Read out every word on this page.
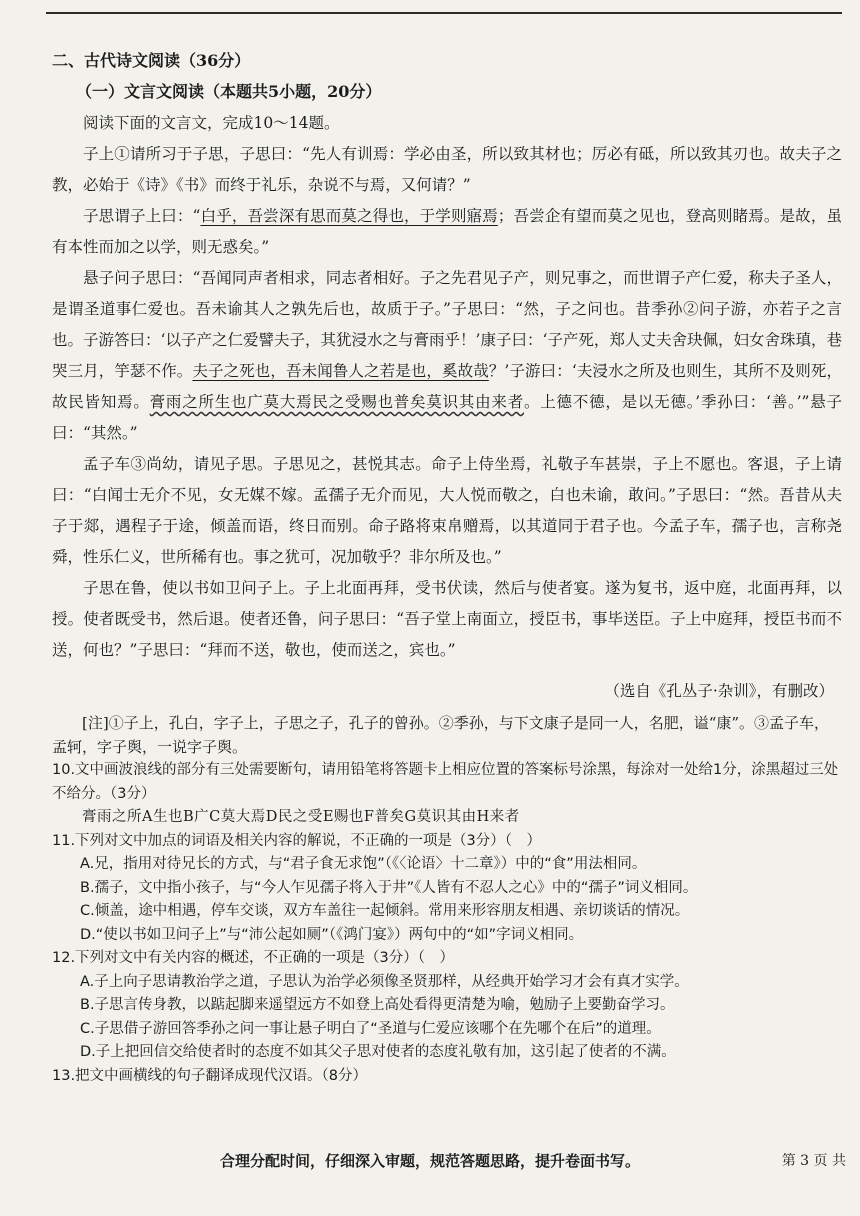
二、古代诗文阅读（36分）
（一）文言文阅读（本题共5小题，20分）

阅读下面的文言文，完成10～14题。

子上①请所习于子思，子思曰：“先人有训焉：学必由圣，所以致其材也；厉必有砥，所以致其刃也。故夫子之教，必始于《诗》《书》而终于礼乐，杂说不与焉，又何请？”

子思谓子上曰：“白乎，吾尝深有思而莫之得也，于学则寤焉；吾尝企有望而莫之见也，登高则睹焉。是故，虽有本性而加之以学，则无惑矣。”

悬子问子思曰：“吾闻同声者相求，同志者相好。子之先君见子产，则兄事之，而世谓子产仁爱，称夫子圣人，是谓圣道事仁爱也。吾未谕其人之孰先后也，故质于子。”子思曰：“然，子之问也。昔季孙②问子游，亦若子之言也。子游答曰：‘以子产之仁爱譬夫子，其犹浸水之与膏雨乎！’康子曰：‘子产死，郑人丈夫舍玦佩，妇女舍珠瑱，巷哭三月，竽瑟不作。夫子之死也，吾未闻鲁人之若是也，奚故哉？’子游曰：‘夫浸水之所及也则生，其所不及则死，故民皆知焉。膏雨之所生也广莫大焉民之受赐也普矣莫识其由来者。上德不德，是以无德。’季孙曰：‘善。’”悬子曰：“其然。”

孟子车③尚幼，请见子思。子思见之，甚悦其志。命子上侍坐焉，礼敬子车甚崇，子上不愿也。客退，子上请曰：“白闻士无介不见，女无媒不嫁。孟孺子无介而见，大人悦而敬之，白也未谕，敢问。”子思曰：“然。吾昔从夫子于郯，遇程子于途，倾盖而语，终日而别。命子路将束帛赠焉，以其道同于君子也。今孟子车，孺子也，言称尧舜，性乐仁义，世所稀有也。事之犹可，况加敬乎？非尔所及也。”

子思在鲁，使以书如卫问子上。子上北面再拜，受书伏读，然后与使者宴。遂为复书，返中庭，北面再拜，以授。使者既受书，然后退。使者还鲁，问子思曰：“吾子堂上南面立，授臣书，事毕送臣。子上中庭拜，授臣书而不送，何也？”子思曰：“拜而不送，敬也，使而送之，宾也。”

（选自《孔丛子·杂训》，有删改）

[注]①子上，孔白，字子上，子思之子，孔子的曾孙。②季孙，与下文康子是同一人，名肥，谥“康”。③孟子车，孟轲，字子舆，一说字子舆。

10.文中画波浪线的部分有三处需要断句，请用铅笔将答题卡上相应位置的答案标号涂黑，每涂对一处给1分，涂黑超过三处不给分。（3分）

膏雨之所A生也B广C莫大焉D民之受E赐也F普矣G莫识其由H来者

11.下列对文中加点的词语及相关内容的解说，不正确的一项是（3分）（　）

A.兄，指用对待兄长的方式，与“君子食无求饱”（《〈论语〉十二章》）中的“食”用法相同。

B.孺子，文中指小孩子，与“今人乍见孺子将入于井”《人皆有不忍人之心》中的“孺子”词义相同。

C.倾盖，途中相遇，停车交谈，双方车盖往一起倾斜。常用来形容朋友相遇、亲切谈话的情况。

D.“使以书如卫问子上”与“沛公起如厕”（《鸿门宴》）两句中的“如”字词义相同。

12.下列对文中有关内容的概述，不正确的一项是（3分）（　）

A.子上向子思请教治学之道，子思认为治学必须像圣贤那样，从经典开始学习才会有真才实学。

B.子思言传身教，以踮起脚来遥望远方不如登上高处看得更清楚为喻，勉励子上要勤奋学习。

C.子思借子游回答季孙之问一事让悬子明白了“圣道与仁爱应该哪个在先哪个在后”的道理。

D.子上把回信交给使者时的态度不如其父子思对使者的态度礼敬有加，这引起了使者的不满。

13.把文中画横线的句子翻译成现代汉语。（8分）

合理分配时间，仔细深入审题，规范答题思路，提升卷面书写。	第 3 页 共
